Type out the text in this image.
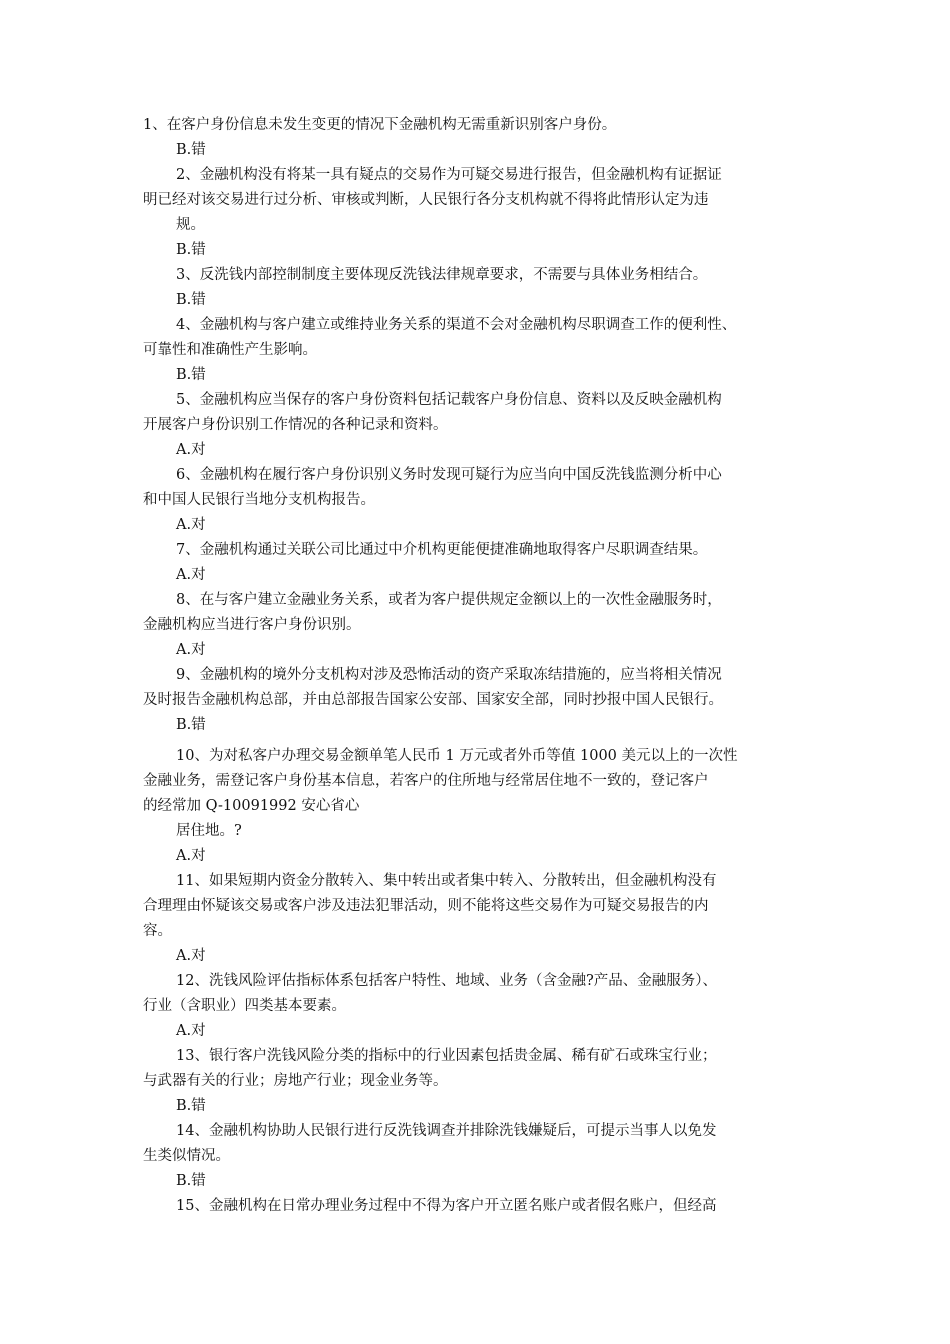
1、在客户身份信息未发生变更的情况下金融机构无需重新识别客户身份。
B.错
2、金融机构没有将某一具有疑点的交易作为可疑交易进行报告，但金融机构有证据证
明已经对该交易进行过分析、审核或判断，人民银行各分支机构就不得将此情形认定为违
规。
B.错
3、反洗钱内部控制制度主要体现反洗钱法律规章要求，不需要与具体业务相结合。
B.错
4、金融机构与客户建立或维持业务关系的渠道不会对金融机构尽职调查工作的便利性、
可靠性和准确性产生影响。
B.错
5、金融机构应当保存的客户身份资料包括记载客户身份信息、资料以及反映金融机构
开展客户身份识别工作情况的各种记录和资料。
A.对
6、金融机构在履行客户身份识别义务时发现可疑行为应当向中国反洗钱监测分析中心
和中国人民银行当地分支机构报告。
A.对
7、金融机构通过关联公司比通过中介机构更能便捷准确地取得客户尽职调查结果。
A.对
8、在与客户建立金融业务关系，或者为客户提供规定金额以上的一次性金融服务时，
金融机构应当进行客户身份识别。
A.对
9、金融机构的境外分支机构对涉及恐怖活动的资产采取冻结措施的，应当将相关情况
及时报告金融机构总部，并由总部报告国家公安部、国家安全部，同时抄报中国人民银行。
B.错
10、为对私客户办理交易金额单笔人民币 1 万元或者外币等值 1000 美元以上的一次性
金融业务，需登记客户身份基本信息，若客户的住所地与经常居住地不一致的，登记客户
的经常加 Q-10091992 安心省心
居住地。?
A.对
11、如果短期内资金分散转入、集中转出或者集中转入、分散转出，但金融机构没有
合理理由怀疑该交易或客户涉及违法犯罪活动，则不能将这些交易作为可疑交易报告的内
容。
A.对
12、洗钱风险评估指标体系包括客户特性、地域、业务（含金融?产品、金融服务）、
行业（含职业）四类基本要素。
A.对
13、银行客户洗钱风险分类的指标中的行业因素包括贵金属、稀有矿石或珠宝行业；
与武器有关的行业；房地产行业；现金业务等。
B.错
14、金融机构协助人民银行进行反洗钱调查并排除洗钱嫌疑后，可提示当事人以免发
生类似情况。
B.错
15、金融机构在日常办理业务过程中不得为客户开立匿名账户或者假名账户，但经高
